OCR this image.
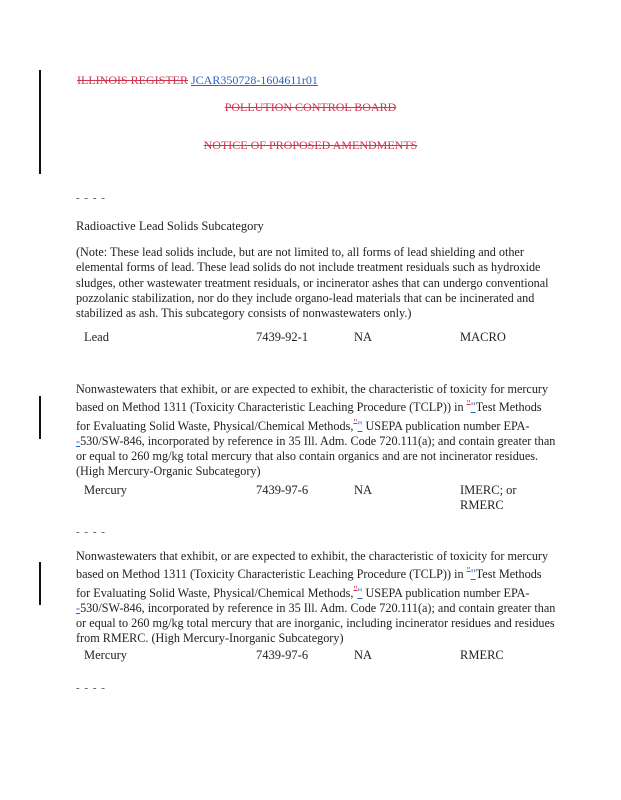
ILLINOIS REGISTER JCAR350728-1604611r01
POLLUTION CONTROL BOARD
NOTICE OF PROPOSED AMENDMENTS
- - - -
Radioactive Lead Solids Subcategory
(Note: These lead solids include, but are not limited to, all forms of lead shielding and other elemental forms of lead. These lead solids do not include treatment residuals such as hydroxide sludges, other wastewater treatment residuals, or incinerator ashes that can undergo conventional pozzolanic stabilization, nor do they include organo-lead materials that can be incinerated and stabilized as ash. This subcategory consists of nonwastewaters only.)
Lead	7439-92-1	NA	MACRO
Nonwastewaters that exhibit, or are expected to exhibit, the characteristic of toxicity for mercury based on Method 1311 (Toxicity Characteristic Leaching Procedure (TCLP)) in ""Test Methods for Evaluating Solid Waste, Physical/Chemical Methods,"" USEPA publication number EPA--530/SW-846, incorporated by reference in 35 Ill. Adm. Code 720.111(a); and contain greater than or equal to 260 mg/kg total mercury that also contain organics and are not incinerator residues. (High Mercury-Organic Subcategory)
Mercury	7439-97-6	NA	IMERC; or RMERC
- - - -
Nonwastewaters that exhibit, or are expected to exhibit, the characteristic of toxicity for mercury based on Method 1311 (Toxicity Characteristic Leaching Procedure (TCLP)) in ""Test Methods for Evaluating Solid Waste, Physical/Chemical Methods,"" USEPA publication number EPA--530/SW-846, incorporated by reference in 35 Ill. Adm. Code 720.111(a); and contain greater than or equal to 260 mg/kg total mercury that are inorganic, including incinerator residues and residues from RMERC. (High Mercury-Inorganic Subcategory)
Mercury	7439-97-6	NA	RMERC
- - - -
